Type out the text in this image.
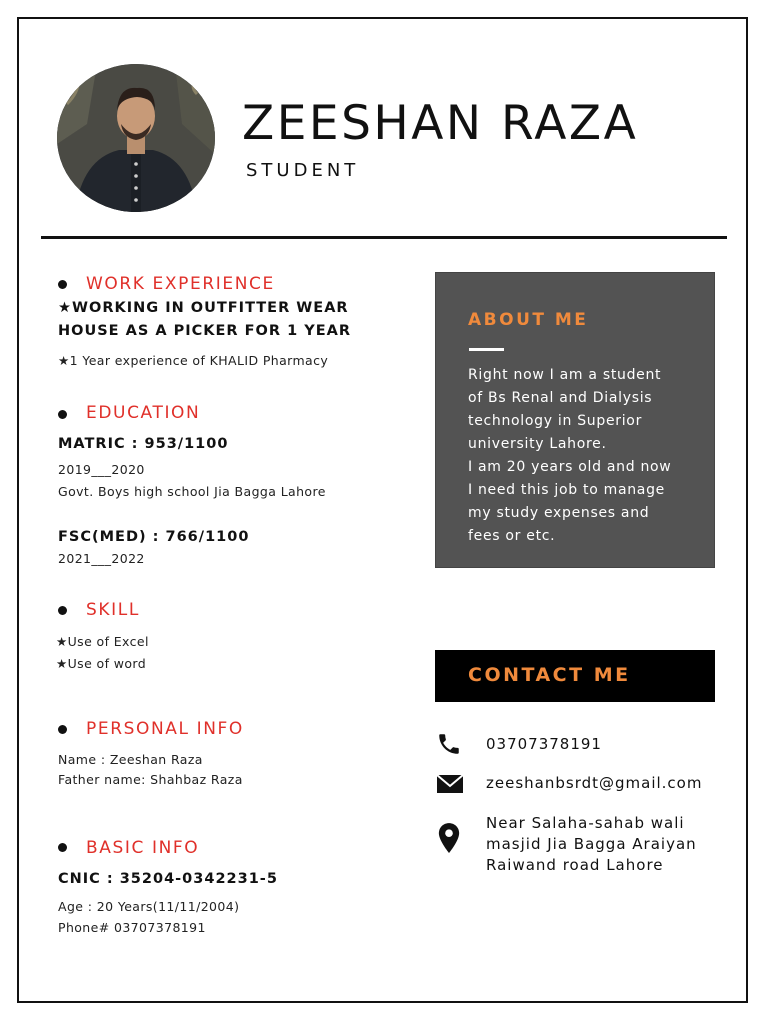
ZEESHAN RAZA
STUDENT
WORK EXPERIENCE
★WORKING IN OUTFITTER WEAR
HOUSE AS A PICKER FOR 1 YEAR
★1 Year experience of KHALID Pharmacy
EDUCATION
MATRIC : 953/1100
2019___2020
Govt. Boys high school Jia Bagga Lahore
FSC(MED) : 766/1100
2021___2022
SKILL
★Use of Excel
★Use of word
PERSONAL INFO
Name : Zeeshan Raza
Father name: Shahbaz Raza
BASIC INFO
CNIC : 35204-0342231-5
Age : 20 Years(11/11/2004)
Phone# 03707378191
ABOUT ME
Right now I am a student
of Bs Renal and Dialysis
technology in Superior
university Lahore.
I am 20 years old and now
I need this job to manage
my study expenses and
fees or etc.
CONTACT ME
03707378191
zeeshanbsrdt@gmail.com
Near Salaha-sahab wali
masjid Jia Bagga Araiyan
Raiwand road Lahore
